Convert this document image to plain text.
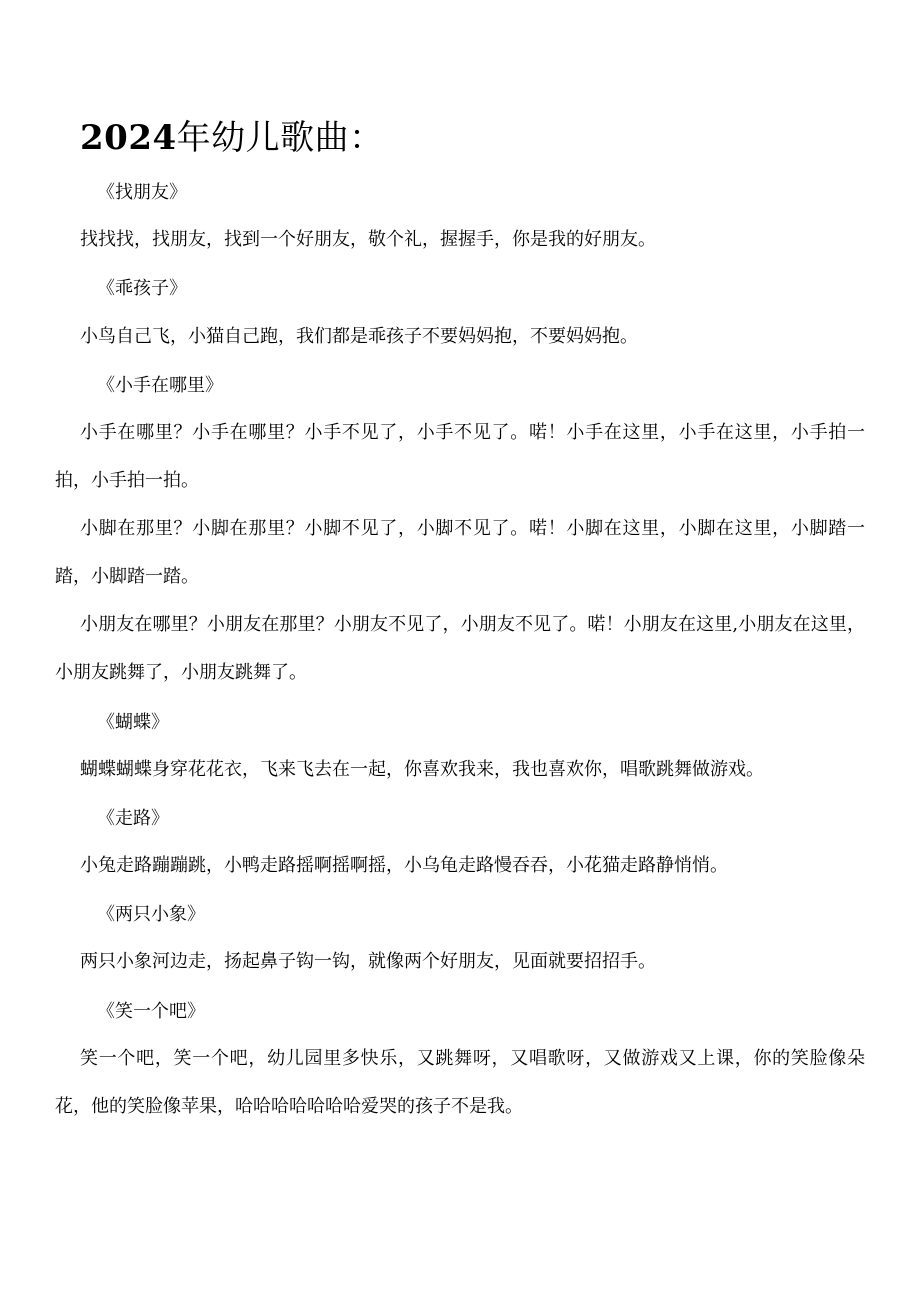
2024年幼儿歌曲：

《找朋友》

找找找，找朋友，找到一个好朋友，敬个礼，握握手，你是我的好朋友。

《乖孩子》

小鸟自己飞，小猫自己跑，我们都是乖孩子不要妈妈抱，不要妈妈抱。

《小手在哪里》

小手在哪里？小手在哪里？小手不见了，小手不见了。喏！小手在这里，小手在这里，小手拍一拍，小手拍一拍。

小脚在那里？小脚在那里？小脚不见了，小脚不见了。喏！小脚在这里，小脚在这里，小脚踏一踏，小脚踏一踏。

小朋友在哪里？小朋友在那里？小朋友不见了，小朋友不见了。喏！小朋友在这里,小朋友在这里，小朋友跳舞了，小朋友跳舞了。

《蝴蝶》

蝴蝶蝴蝶身穿花花衣，飞来飞去在一起，你喜欢我来，我也喜欢你，唱歌跳舞做游戏。

《走路》

小兔走路蹦蹦跳，小鸭走路摇啊摇啊摇，小乌龟走路慢吞吞，小花猫走路静悄悄。

《两只小象》

两只小象河边走，扬起鼻子钩一钩，就像两个好朋友，见面就要招招手。

《笑一个吧》

笑一个吧，笑一个吧，幼儿园里多快乐，又跳舞呀，又唱歌呀，又做游戏又上课，你的笑脸像朵花，他的笑脸像苹果，哈哈哈哈哈哈哈爱哭的孩子不是我。
